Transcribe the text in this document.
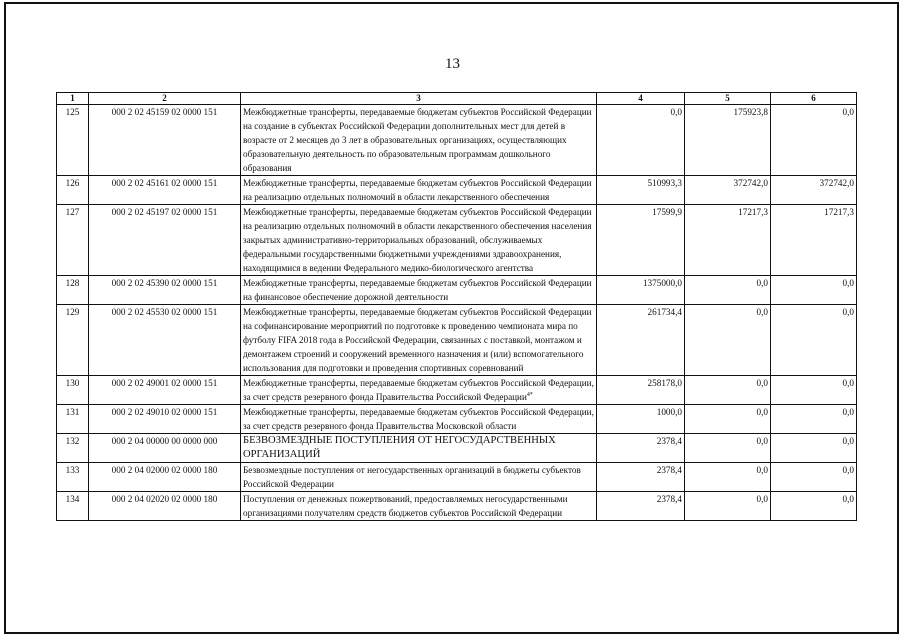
13
1	2	3	4	5	6
125	000 2 02 45159 02 0000 151	Межбюджетные трансферты, передаваемые бюджетам субъектов Российской Федерации на создание в субъектах Российской Федерации дополнительных мест для детей в возрасте от 2 месяцев до 3 лет в образовательных организациях, осуществляющих образовательную деятельность по образовательным программам дошкольного образования	0,0	175923,8	0,0
126	000 2 02 45161 02 0000 151	Межбюджетные трансферты, передаваемые бюджетам субъектов Российской Федерации на реализацию отдельных полномочий в области лекарственного обеспечения	510993,3	372742,0	372742,0
127	000 2 02 45197 02 0000 151	Межбюджетные трансферты, передаваемые бюджетам субъектов Российской Федерации на реализацию отдельных полномочий в области лекарственного обеспечения населения закрытых административно-территориальных образований, обслуживаемых федеральными государственными бюджетными учреждениями здравоохранения, находящимися в ведении Федерального медико-биологического агентства	17599,9	17217,3	17217,3
128	000 2 02 45390 02 0000 151	Межбюджетные трансферты, передаваемые бюджетам субъектов Российской Федерации на финансовое обеспечение дорожной деятельности	1375000,0	0,0	0,0
129	000 2 02 45530 02 0000 151	Межбюджетные трансферты, передаваемые бюджетам субъектов Российской Федерации на софинансирование мероприятий по подготовке к проведению чемпионата мира по футболу FIFA 2018 года в Российской Федерации, связанных с поставкой, монтажом и демонтажем строений и сооружений временного назначения и (или) вспомогательного использования для подготовки и проведения спортивных соревнований	261734,4	0,0	0,0
130	000 2 02 49001 02 0000 151	Межбюджетные трансферты, передаваемые бюджетам субъектов Российской Федерации, за счет средств резервного фонда Правительства Российской Федерации$^{4*}$	258178,0	0,0	0,0
131	000 2 02 49010 02 0000 151	Межбюджетные трансферты, передаваемые бюджетам субъектов Российской Федерации, за счет средств резервного фонда Правительства Московской области	1000,0	0,0	0,0
132	000 2 04 00000 00 0000 000	БЕЗВОЗМЕЗДНЫЕ ПОСТУПЛЕНИЯ ОТ НЕГОСУДАРСТВЕННЫХ ОРГАНИЗАЦИЙ	2378,4	0,0	0,0
133	000 2 04 02000 02 0000 180	Безвозмездные поступления от негосударственных организаций в бюджеты субъектов Российской Федерации	2378,4	0,0	0,0
134	000 2 04 02020 02 0000 180	Поступления от денежных пожертвований, предоставляемых негосударственными организациями получателям средств бюджетов субъектов Российской Федерации	2378,4	0,0	0,0
